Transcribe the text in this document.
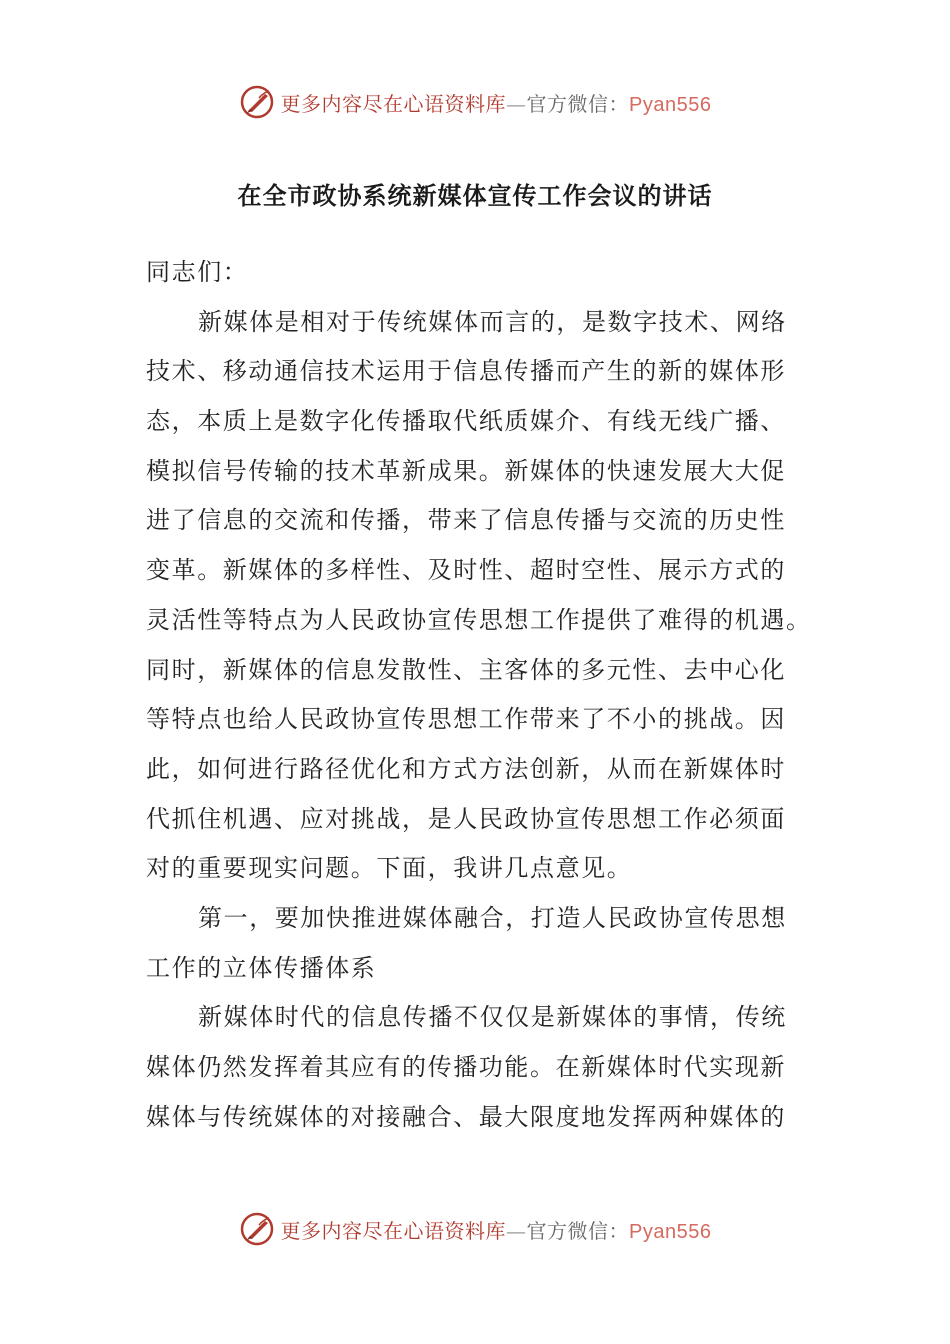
更多内容尽在心语资料库—官方微信：Pyan556
在全市政协系统新媒体宣传工作会议的讲话
同志们：
新媒体是相对于传统媒体而言的，是数字技术、网络
技术、移动通信技术运用于信息传播而产生的新的媒体形
态，本质上是数字化传播取代纸质媒介、有线无线广播、
模拟信号传输的技术革新成果。新媒体的快速发展大大促
进了信息的交流和传播，带来了信息传播与交流的历史性
变革。新媒体的多样性、及时性、超时空性、展示方式的
灵活性等特点为人民政协宣传思想工作提供了难得的机遇。
同时，新媒体的信息发散性、主客体的多元性、去中心化
等特点也给人民政协宣传思想工作带来了不小的挑战。因
此，如何进行路径优化和方式方法创新，从而在新媒体时
代抓住机遇、应对挑战，是人民政协宣传思想工作必须面
对的重要现实问题。下面，我讲几点意见。
第一，要加快推进媒体融合，打造人民政协宣传思想
工作的立体传播体系
新媒体时代的信息传播不仅仅是新媒体的事情，传统
媒体仍然发挥着其应有的传播功能。在新媒体时代实现新
媒体与传统媒体的对接融合、最大限度地发挥两种媒体的
更多内容尽在心语资料库—官方微信：Pyan556
